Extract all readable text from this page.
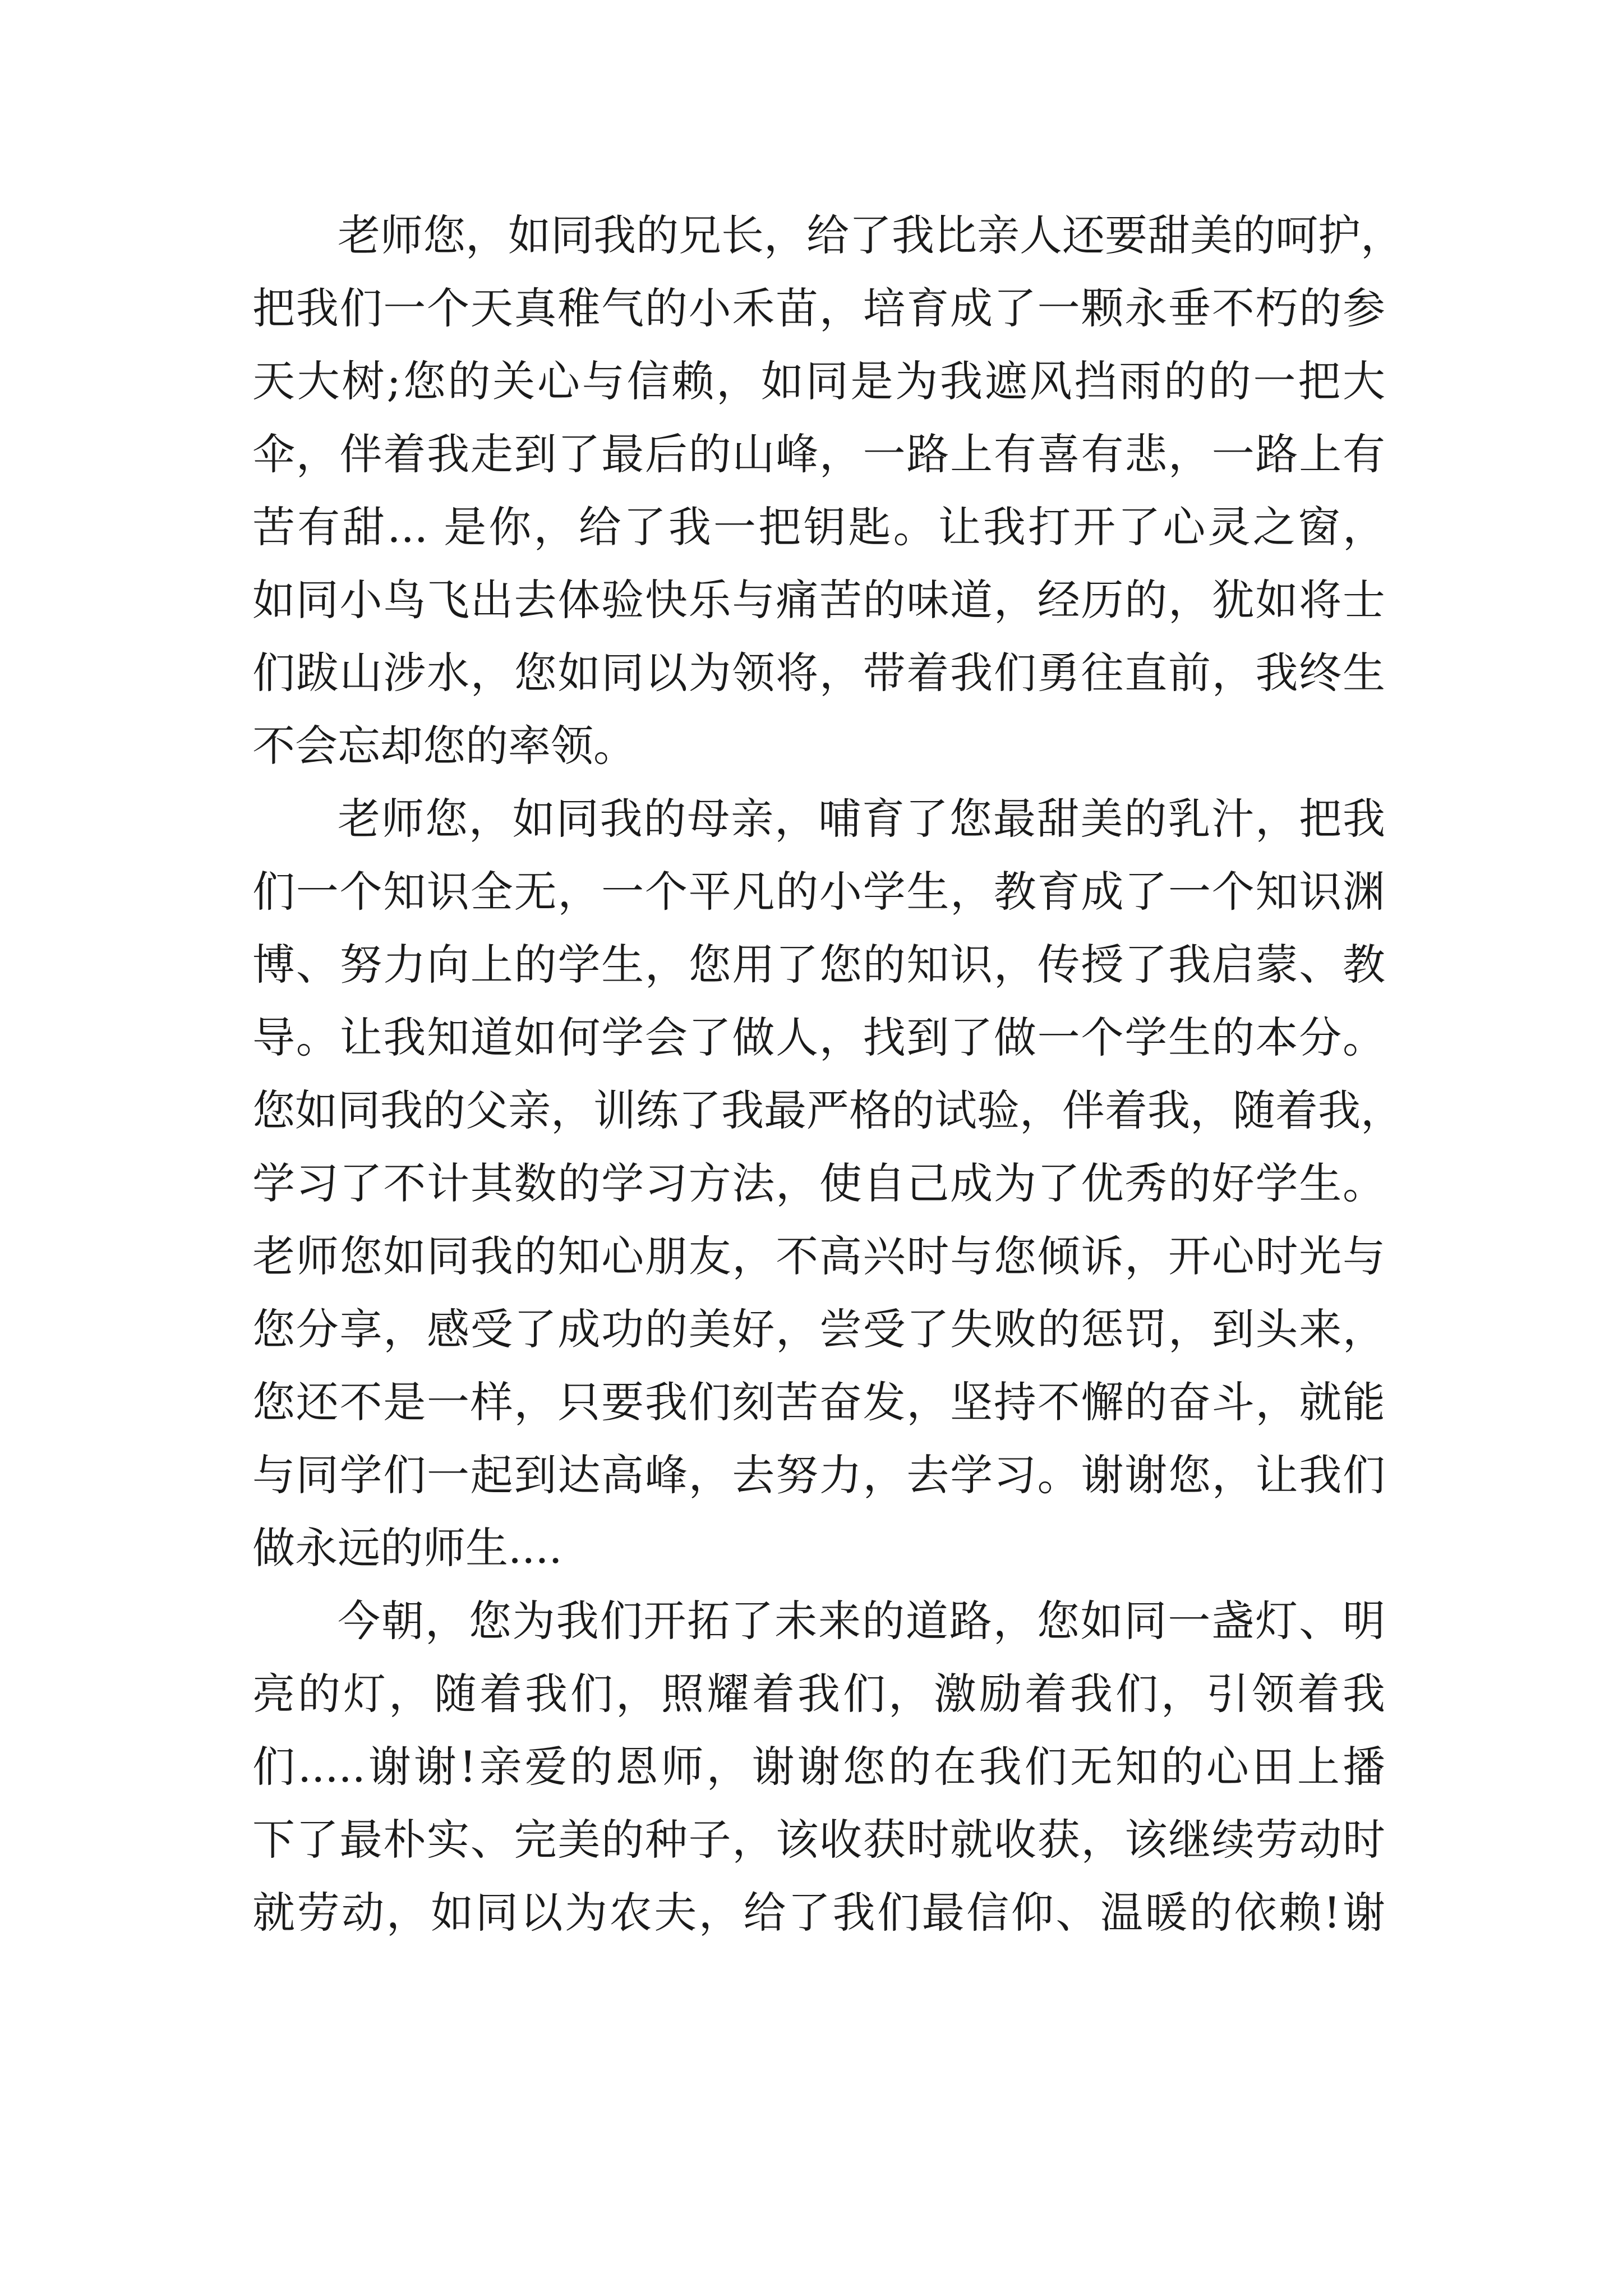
老师您，如同我的兄长，给了我比亲人还要甜美的呵护，
把我们一个天真稚气的小禾苗，培育成了一颗永垂不朽的参
天大树;您的关心与信赖，如同是为我遮风挡雨的的一把大
伞，伴着我走到了最后的山峰，一路上有喜有悲，一路上有
苦有甜... 是你，给了我一把钥匙。让我打开了心灵之窗，
如同小鸟飞出去体验快乐与痛苦的味道，经历的，犹如将士
们跋山涉水，您如同以为领将，带着我们勇往直前，我终生
不会忘却您的率领。
老师您，如同我的母亲，哺育了您最甜美的乳汁，把我
们一个知识全无，一个平凡的小学生，教育成了一个知识渊
博、努力向上的学生，您用了您的知识，传授了我启蒙、教
导。让我知道如何学会了做人，找到了做一个学生的本分。
您如同我的父亲，训练了我最严格的试验，伴着我，随着我，
学习了不计其数的学习方法，使自己成为了优秀的好学生。
老师您如同我的知心朋友，不高兴时与您倾诉，开心时光与
您分享，感受了成功的美好，尝受了失败的惩罚，到头来，
您还不是一样，只要我们刻苦奋发，坚持不懈的奋斗，就能
与同学们一起到达高峰，去努力，去学习。谢谢您，让我们
做永远的师生....
今朝，您为我们开拓了未来的道路，您如同一盏灯、明
亮的灯，随着我们，照耀着我们，激励着我们，引领着我
们.....谢谢!亲爱的恩师，谢谢您的在我们无知的心田上播
下了最朴实、完美的种子，该收获时就收获，该继续劳动时
就劳动，如同以为农夫，给了我们最信仰、温暖的依赖!谢
